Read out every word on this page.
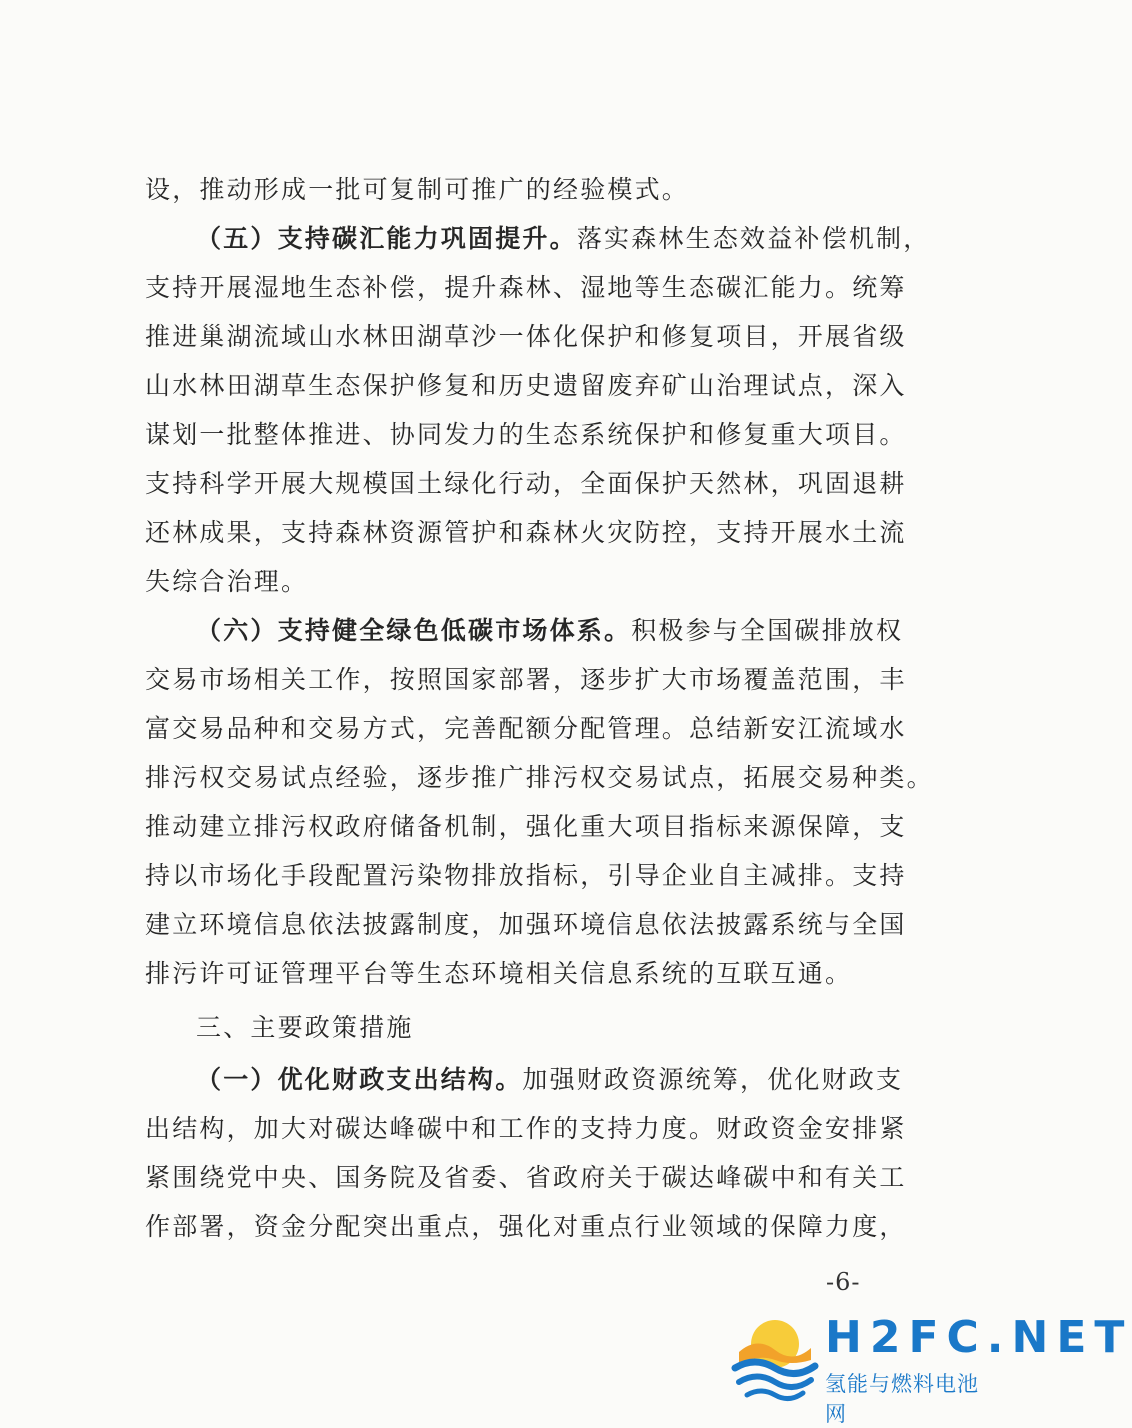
设，推动形成一批可复制可推广的经验模式。
（五）支持碳汇能力巩固提升。落实森林生态效益补偿机制，
支持开展湿地生态补偿，提升森林、湿地等生态碳汇能力。统筹
推进巢湖流域山水林田湖草沙一体化保护和修复项目，开展省级
山水林田湖草生态保护修复和历史遗留废弃矿山治理试点，深入
谋划一批整体推进、协同发力的生态系统保护和修复重大项目。
支持科学开展大规模国土绿化行动，全面保护天然林，巩固退耕
还林成果，支持森林资源管护和森林火灾防控，支持开展水土流
失综合治理。
（六）支持健全绿色低碳市场体系。积极参与全国碳排放权
交易市场相关工作，按照国家部署，逐步扩大市场覆盖范围，丰
富交易品种和交易方式，完善配额分配管理。总结新安江流域水
排污权交易试点经验，逐步推广排污权交易试点，拓展交易种类。
推动建立排污权政府储备机制，强化重大项目指标来源保障，支
持以市场化手段配置污染物排放指标，引导企业自主减排。支持
建立环境信息依法披露制度，加强环境信息依法披露系统与全国
排污许可证管理平台等生态环境相关信息系统的互联互通。
三、主要政策措施
（一）优化财政支出结构。加强财政资源统筹，优化财政支
出结构，加大对碳达峰碳中和工作的支持力度。财政资金安排紧
紧围绕党中央、国务院及省委、省政府关于碳达峰碳中和有关工
作部署，资金分配突出重点，强化对重点行业领域的保障力度，
-6-
H2FC.NET
氢能与燃料电池网
